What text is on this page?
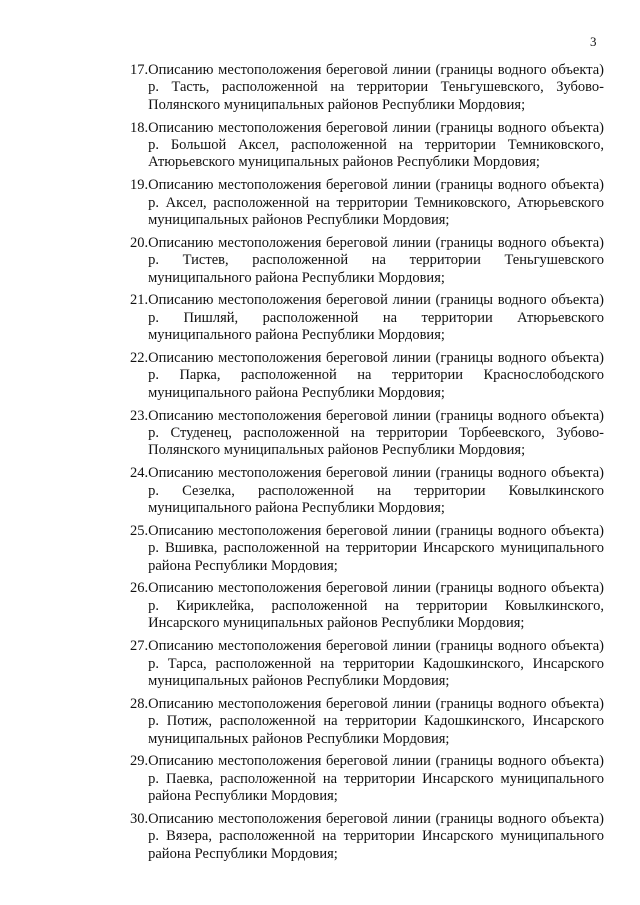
3
17. Описанию местоположения береговой линии (границы водного объекта) р. Тасть, расположенной на территории Теньгушевского, Зубово-Полянского муниципальных районов Республики Мордовия;
18. Описанию местоположения береговой линии (границы водного объекта) р. Большой Аксел, расположенной на территории Темниковского, Атюрьевского муниципальных районов Республики Мордовия;
19. Описанию местоположения береговой линии (границы водного объекта) р. Аксел, расположенной на территории Темниковского, Атюрьевского муниципальных районов Республики Мордовия;
20. Описанию местоположения береговой линии (границы водного объекта) р. Тистев, расположенной на территории Теньгушевского муниципального района Республики Мордовия;
21. Описанию местоположения береговой линии (границы водного объекта) р. Пишляй, расположенной на территории Атюрьевского муниципального района Республики Мордовия;
22. Описанию местоположения береговой линии (границы водного объекта) р. Парка, расположенной на территории Краснослободского муниципального района Республики Мордовия;
23. Описанию местоположения береговой линии (границы водного объекта) р. Студенец, расположенной на территории Торбеевского, Зубово-Полянского муниципальных районов Республики Мордовия;
24. Описанию местоположения береговой линии (границы водного объекта) р. Сезелка, расположенной на территории Ковылкинского муниципального района Республики Мордовия;
25. Описанию местоположения береговой линии (границы водного объекта) р. Вшивка, расположенной на территории Инсарского муниципального района Республики Мордовия;
26. Описанию местоположения береговой линии (границы водного объекта) р. Кириклейка, расположенной на территории Ковылкинского, Инсарского муниципальных районов Республики Мордовия;
27. Описанию местоположения береговой линии (границы водного объекта) р. Тарса, расположенной на территории Кадошкинского, Инсарского муниципальных районов Республики Мордовия;
28. Описанию местоположения береговой линии (границы водного объекта) р. Потиж, расположенной на территории Кадошкинского, Инсарского муниципальных районов Республики Мордовия;
29. Описанию местоположения береговой линии (границы водного объекта) р. Паевка, расположенной на территории Инсарского муниципального района Республики Мордовия;
30. Описанию местоположения береговой линии (границы водного объекта) р. Вязера, расположенной на территории Инсарского муниципального района Республики Мордовия;
